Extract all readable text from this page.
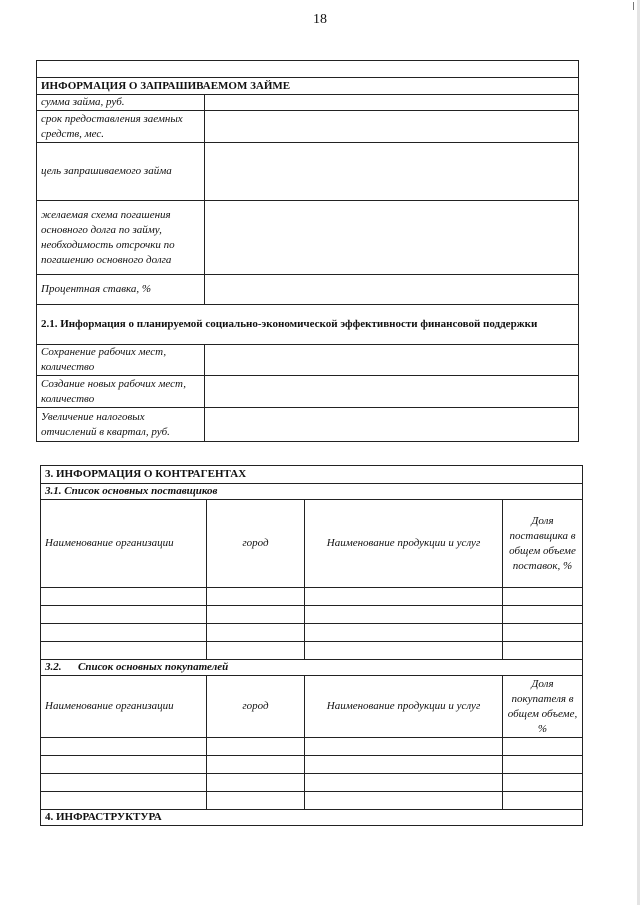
18

ИНФОРМАЦИЯ О ЗАПРАШИВАЕМОМ ЗАЙМЕ	
сумма займа, руб.	
срок предоставления заемных средств, мес.	
цель запрашиваемого займа	
желаемая схема погашения основного долга по займу, необходимость отсрочки по погашению основного долга	
Процентная ставка, %	
2.1. Информация о планируемой социально-экономической эффективности финансовой поддержки	
Сохранение рабочих мест, количество	
Создание новых рабочих мест, количество	
Увеличение налоговых отчислений в квартал, руб.	
3. ИНФОРМАЦИЯ О КОНТРАГЕНТАХ			
3.1. Список основных поставщиков			
Наименование организации	город	Наименование продукции и услуг	Доля поставщика в общем объеме поставок, %

3.2.      Список основных покупателей			
Наименование организации	город	Наименование продукции и услуг	Доля покупателя в общем объеме, %

4. ИНФРАСТРУКТУРА			
